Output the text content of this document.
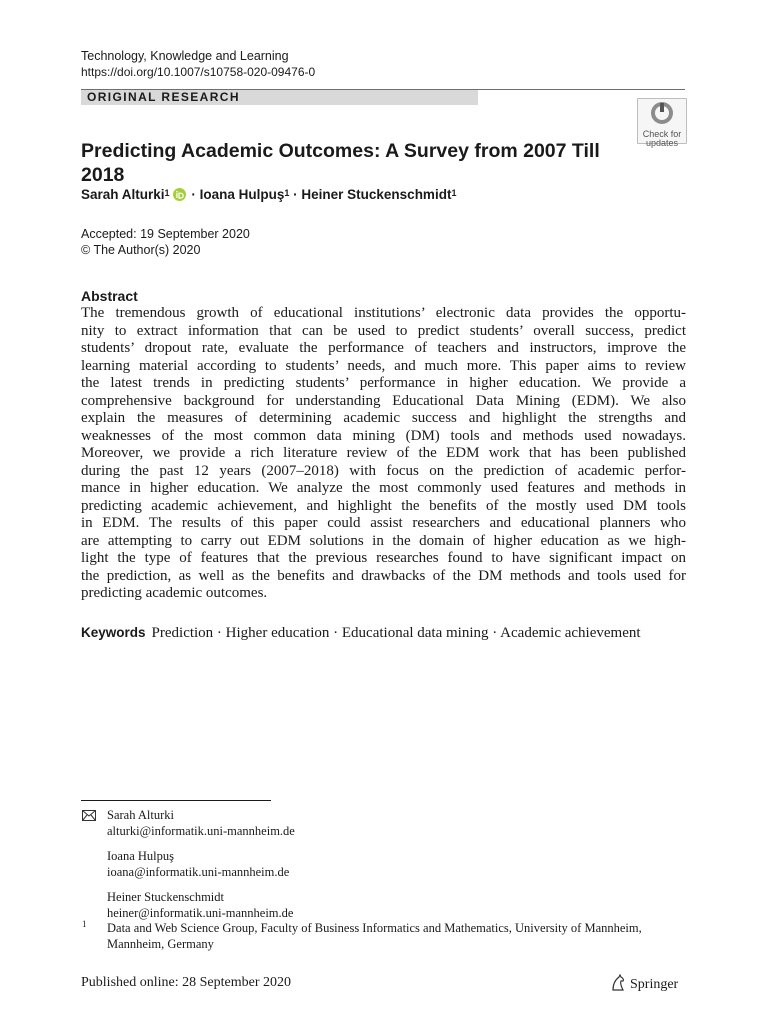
Technology, Knowledge and Learning
https://doi.org/10.1007/s10758-020-09476-0
ORIGINAL RESEARCH
Check for
updates
Predicting Academic Outcomes: A Survey from 2007 Till 2018
Sarah Alturki$^1$ · Ioana Hulpuş$^1$ · Heiner Stuckenschmidt$^1$
Accepted: 19 September 2020
© The Author(s) 2020
Abstract
The tremendous growth of educational institutions’ electronic data provides the opportu-
nity to extract information that can be used to predict students’ overall success, predict
students’ dropout rate, evaluate the performance of teachers and instructors, improve the
learning material according to students’ needs, and much more. This paper aims to review
the latest trends in predicting students’ performance in higher education. We provide a
comprehensive background for understanding Educational Data Mining (EDM). We also
explain the measures of determining academic success and highlight the strengths and
weaknesses of the most common data mining (DM) tools and methods used nowadays.
Moreover, we provide a rich literature review of the EDM work that has been published
during the past 12 years (2007–2018) with focus on the prediction of academic perfor-
mance in higher education. We analyze the most commonly used features and methods in
predicting academic achievement, and highlight the benefits of the mostly used DM tools
in EDM. The results of this paper could assist researchers and educational planners who
are attempting to carry out EDM solutions in the domain of higher education as we high-
light the type of features that the previous researches found to have significant impact on
the prediction, as well as the benefits and drawbacks of the DM methods and tools used for
predicting academic outcomes.
Keywords Prediction · Higher education · Educational data mining · Academic achievement
Sarah Alturki
alturki@informatik.uni-mannheim.de
Ioana Hulpuş
ioana@informatik.uni-mannheim.de
Heiner Stuckenschmidt
heiner@informatik.uni-mannheim.de
1 Data and Web Science Group, Faculty of Business Informatics and Mathematics, University of Mannheim, Mannheim, Germany
Published online: 28 September 2020	Springer
